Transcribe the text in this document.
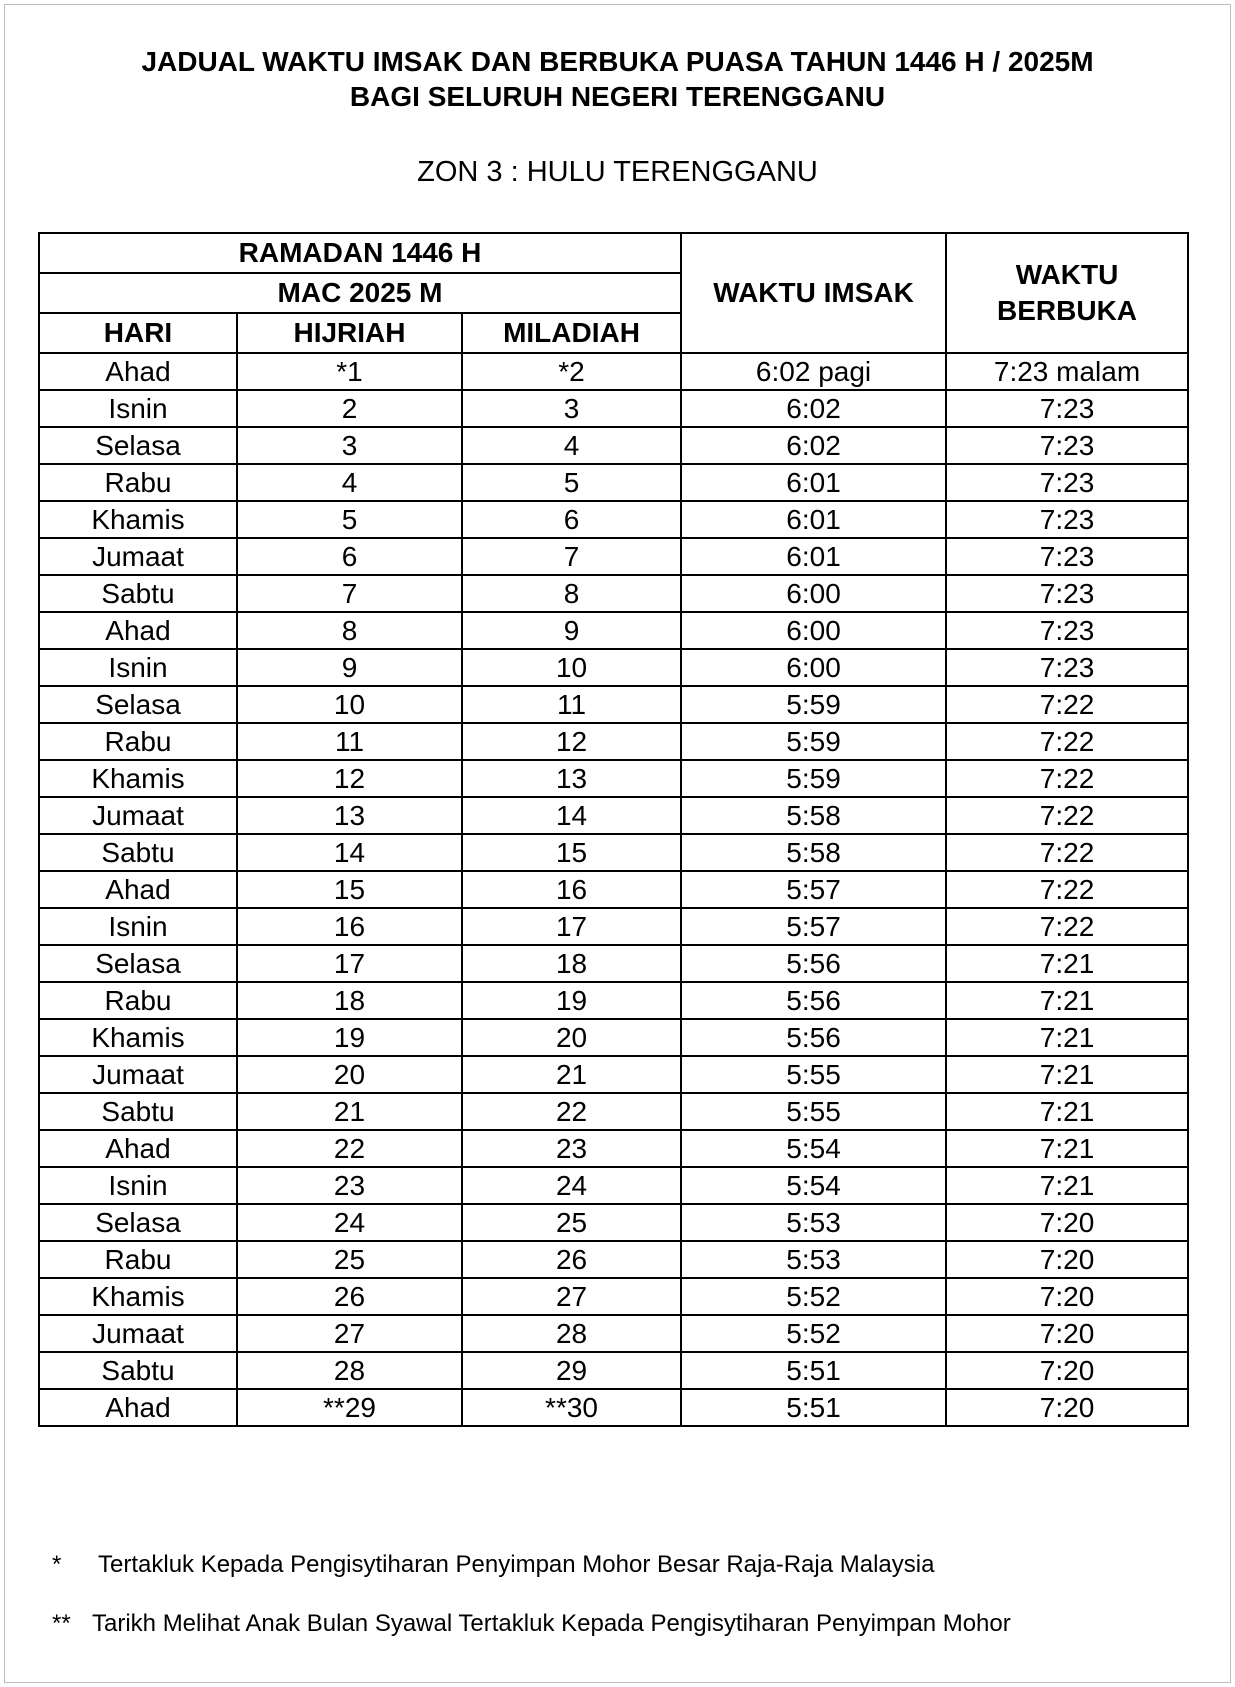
JADUAL WAKTU IMSAK DAN BERBUKA PUASA TAHUN 1446 H / 2025M
BAGI SELURUH NEGERI TERENGGANU
ZON 3 : HULU TERENGGANU
RAMADAN 1446 H			WAKTU IMSAK	WAKTU BERBUKA
MAC 2025 M				
HARI	HIJRIAH	MILADIAH		
Ahad	*1	*2	6:02 pagi	7:23 malam
Isnin	2	3	6:02	7:23
Selasa	3	4	6:02	7:23
Rabu	4	5	6:01	7:23
Khamis	5	6	6:01	7:23
Jumaat	6	7	6:01	7:23
Sabtu	7	8	6:00	7:23
Ahad	8	9	6:00	7:23
Isnin	9	10	6:00	7:23
Selasa	10	11	5:59	7:22
Rabu	11	12	5:59	7:22
Khamis	12	13	5:59	7:22
Jumaat	13	14	5:58	7:22
Sabtu	14	15	5:58	7:22
Ahad	15	16	5:57	7:22
Isnin	16	17	5:57	7:22
Selasa	17	18	5:56	7:21
Rabu	18	19	5:56	7:21
Khamis	19	20	5:56	7:21
Jumaat	20	21	5:55	7:21
Sabtu	21	22	5:55	7:21
Ahad	22	23	5:54	7:21
Isnin	23	24	5:54	7:21
Selasa	24	25	5:53	7:20
Rabu	25	26	5:53	7:20
Khamis	26	27	5:52	7:20
Jumaat	27	28	5:52	7:20
Sabtu	28	29	5:51	7:20
Ahad	**29	**30	5:51	7:20
* Tertakluk Kepada Pengisytiharan Penyimpan Mohor Besar Raja-Raja Malaysia
** Tarikh Melihat Anak Bulan Syawal Tertakluk Kepada Pengisytiharan Penyimpan Mohor
